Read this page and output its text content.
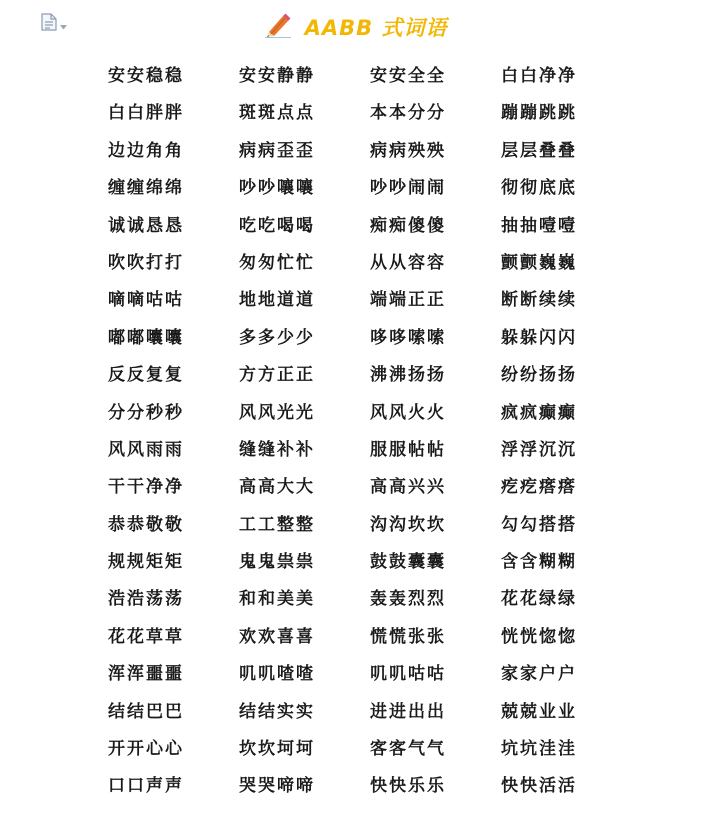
AABB 式词语
安安稳稳	安安静静	安安全全	白白净净
白白胖胖	斑斑点点	本本分分	蹦蹦跳跳
边边角角	病病歪歪	病病殃殃	层层叠叠
缠缠绵绵	吵吵嚷嚷	吵吵闹闹	彻彻底底
诚诚恳恳	吃吃喝喝	痴痴傻傻	抽抽噎噎
吹吹打打	匆匆忙忙	从从容容	颤颤巍巍
嘀嘀咕咕	地地道道	端端正正	断断续续
嘟嘟囔囔	多多少少	哆哆嗦嗦	躲躲闪闪
反反复复	方方正正	沸沸扬扬	纷纷扬扬
分分秒秒	风风光光	风风火火	疯疯癫癫
风风雨雨	缝缝补补	服服帖帖	浮浮沉沉
干干净净	高高大大	高高兴兴	疙疙瘩瘩
恭恭敬敬	工工整整	沟沟坎坎	勾勾搭搭
规规矩矩	鬼鬼祟祟	鼓鼓囊囊	含含糊糊
浩浩荡荡	和和美美	轰轰烈烈	花花绿绿
花花草草	欢欢喜喜	慌慌张张	恍恍惚惚
浑浑噩噩	叽叽喳喳	叽叽咕咕	家家户户
结结巴巴	结结实实	进进出出	兢兢业业
开开心心	坎坎坷坷	客客气气	坑坑洼洼
口口声声	哭哭啼啼	快快乐乐	快快活活
